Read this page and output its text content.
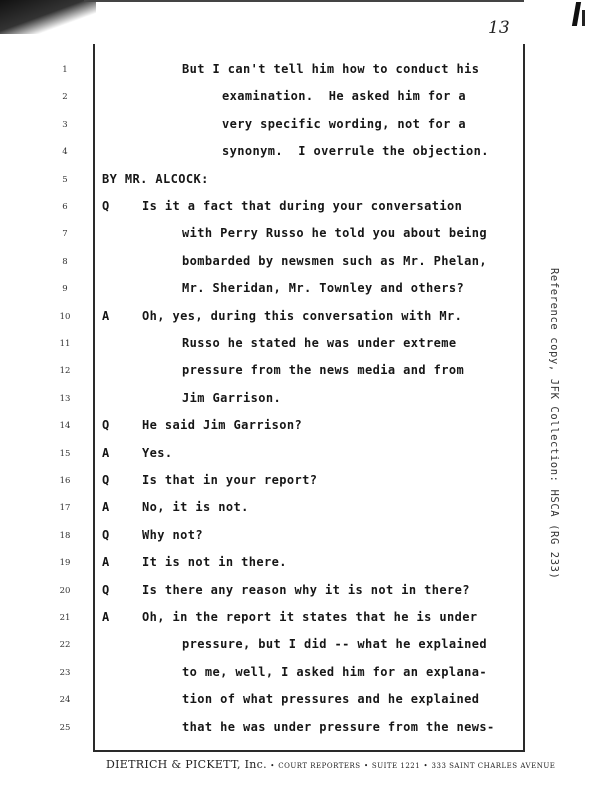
13
1	But I can't tell him how to conduct his
2	examination.  He asked him for a
3	very specific wording, not for a
4	synonym.  I overrule the objection.
5	BY MR. ALCOCK:
6	Q	Is it a fact that during your conversation
7	with Perry Russo he told you about being
8	bombarded by newsmen such as Mr. Phelan,
9	Mr. Sheridan, Mr. Townley and others?
10	A	Oh, yes, during this conversation with Mr.
11	Russo he stated he was under extreme
12	pressure from the news media and from
13	Jim Garrison.
14	Q	He said Jim Garrison?
15	A	Yes.
16	Q	Is that in your report?
17	A	No, it is not.
18	Q	Why not?
19	A	It is not in there.
20	Q	Is there any reason why it is not in there?
21	A	Oh, in the report it states that he is under
22	pressure, but I did -- what he explained
23	to me, well, I asked him for an explana-
24	tion of what pressures and he explained
25	that he was under pressure from the news-
Reference copy, JFK Collection: HSCA (RG 233)
DIETRICH & PICKETT, Inc. • COURT REPORTERS • SUITE 1221 • 333 SAINT CHARLES AVENUE
